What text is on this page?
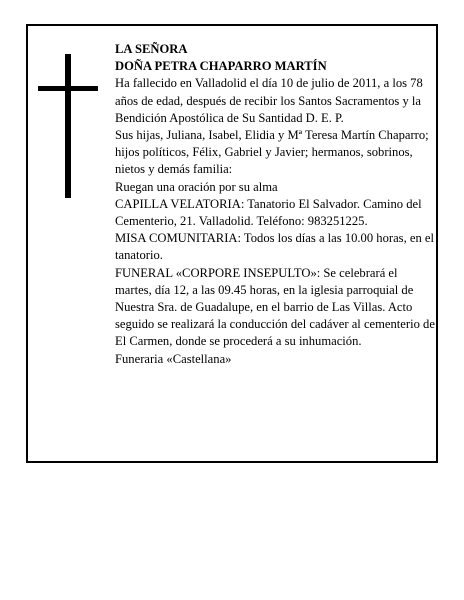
LA SEÑORA

DOÑA PETRA CHAPARRO MARTÍN

Ha fallecido en Valladolid el día 10 de julio de 2011, a los 78 años de edad, después de recibir los Santos Sacramentos y la Bendición Apostólica de Su Santidad D. E. P.

Sus hijas, Juliana, Isabel, Elidia y Mª Teresa Martín Chaparro; hijos políticos, Félix, Gabriel y Javier; hermanos, sobrinos, nietos y demás familia:

Ruegan una oración por su alma

CAPILLA VELATORIA: Tanatorio El Salvador. Camino del Cementerio, 21. Valladolid. Teléfono: 983251225.

MISA COMUNITARIA: Todos los días a las 10.00 horas, en el tanatorio.

FUNERAL «CORPORE INSEPULTO»: Se celebrará el martes, día 12, a las 09.45 horas, en la iglesia parroquial de Nuestra Sra. de Guadalupe, en el barrio de Las Villas. Acto seguido se realizará la conducción del cadáver al cementerio de El Carmen, donde se procederá a su inhumación.

Funeraria «Castellana»
